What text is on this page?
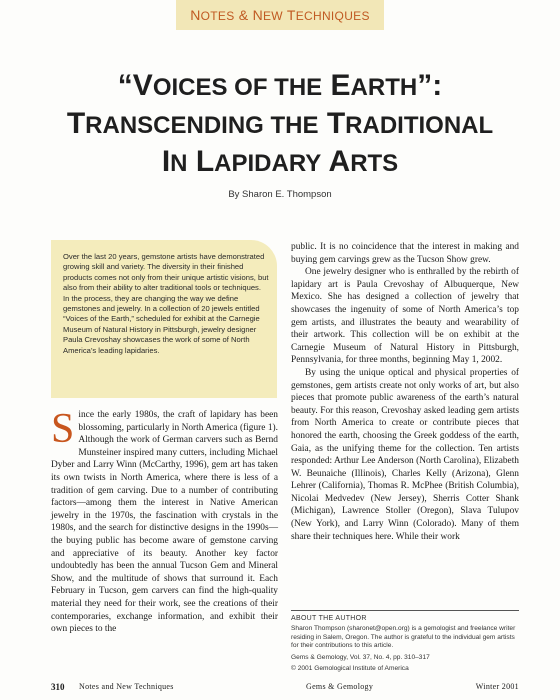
NOTES & NEW TECHNIQUES
“VOICES OF THE EARTH”:
TRANSCENDING THE TRADITIONAL
IN LAPIDARY ARTS
By Sharon E. Thompson

Over the last 20 years, gemstone artists have demonstrated growing skill and variety. The diversity in their finished products comes not only from their unique artistic visions, but also from their ability to alter traditional tools or techniques. In the process, they are changing the way we define gemstones and jewelry. In a collection of 20 jewels entitled “Voices of the Earth,” scheduled for exhibit at the Carnegie Museum of Natural History in Pittsburgh, jewelry designer Paula Crevoshay showcases the work of some of North America’s leading lapidaries.

Since the early 1980s, the craft of lapidary has been blossoming, particularly in North America (figure 1). Although the work of German carvers such as Bernd Munsteiner inspired many cutters, including Michael Dyber and Larry Winn (McCarthy, 1996), gem art has taken its own twists in North America, where there is less of a tradition of gem carving. Due to a number of contributing factors—among them the interest in Native American jewelry in the 1970s, the fascination with crystals in the 1980s, and the search for distinctive designs in the 1990s—the buying public has become aware of gemstone carving and appreciative of its beauty. Another key factor undoubtedly has been the annual Tucson Gem and Mineral Show, and the multitude of shows that surround it. Each February in Tucson, gem carvers can find the high-quality material they need for their work, see the creations of their contemporaries, exchange information, and exhibit their own pieces to the

public. It is no coincidence that the interest in making and buying gem carvings grew as the Tucson Show grew.

One jewelry designer who is enthralled by the rebirth of lapidary art is Paula Crevoshay of Albuquerque, New Mexico. She has designed a collection of jewelry that showcases the ingenuity of some of North America’s top gem artists, and illustrates the beauty and wearability of their artwork. This collection will be on exhibit at the Carnegie Museum of Natural History in Pittsburgh, Pennsylvania, for three months, beginning May 1, 2002.

By using the unique optical and physical properties of gemstones, gem artists create not only works of art, but also pieces that promote public awareness of the earth’s natural beauty. For this reason, Crevoshay asked leading gem artists from North America to create or contribute pieces that honored the earth, choosing the Greek goddess of the earth, Gaia, as the unifying theme for the collection. Ten artists responded: Arthur Lee Anderson (North Carolina), Elizabeth W. Beunaiche (Illinois), Charles Kelly (Arizona), Glenn Lehrer (California), Thomas R. McPhee (British Columbia), Nicolai Medvedev (New Jersey), Sherris Cotter Shank (Michigan), Lawrence Stoller (Oregon), Slava Tulupov (New York), and Larry Winn (Colorado). Many of them share their techniques here. While their work

ABOUT THE AUTHOR

Sharon Thompson (sharonet@open.org) is a gemologist and freelance writer residing in Salem, Oregon. The author is grateful to the individual gem artists for their contributions to this article.

Gems & Gemology, Vol. 37, No. 4, pp. 310–317

© 2001 Gemological Institute of America

310 Notes and New Techniques	Gems & Gemology	Winter 2001
